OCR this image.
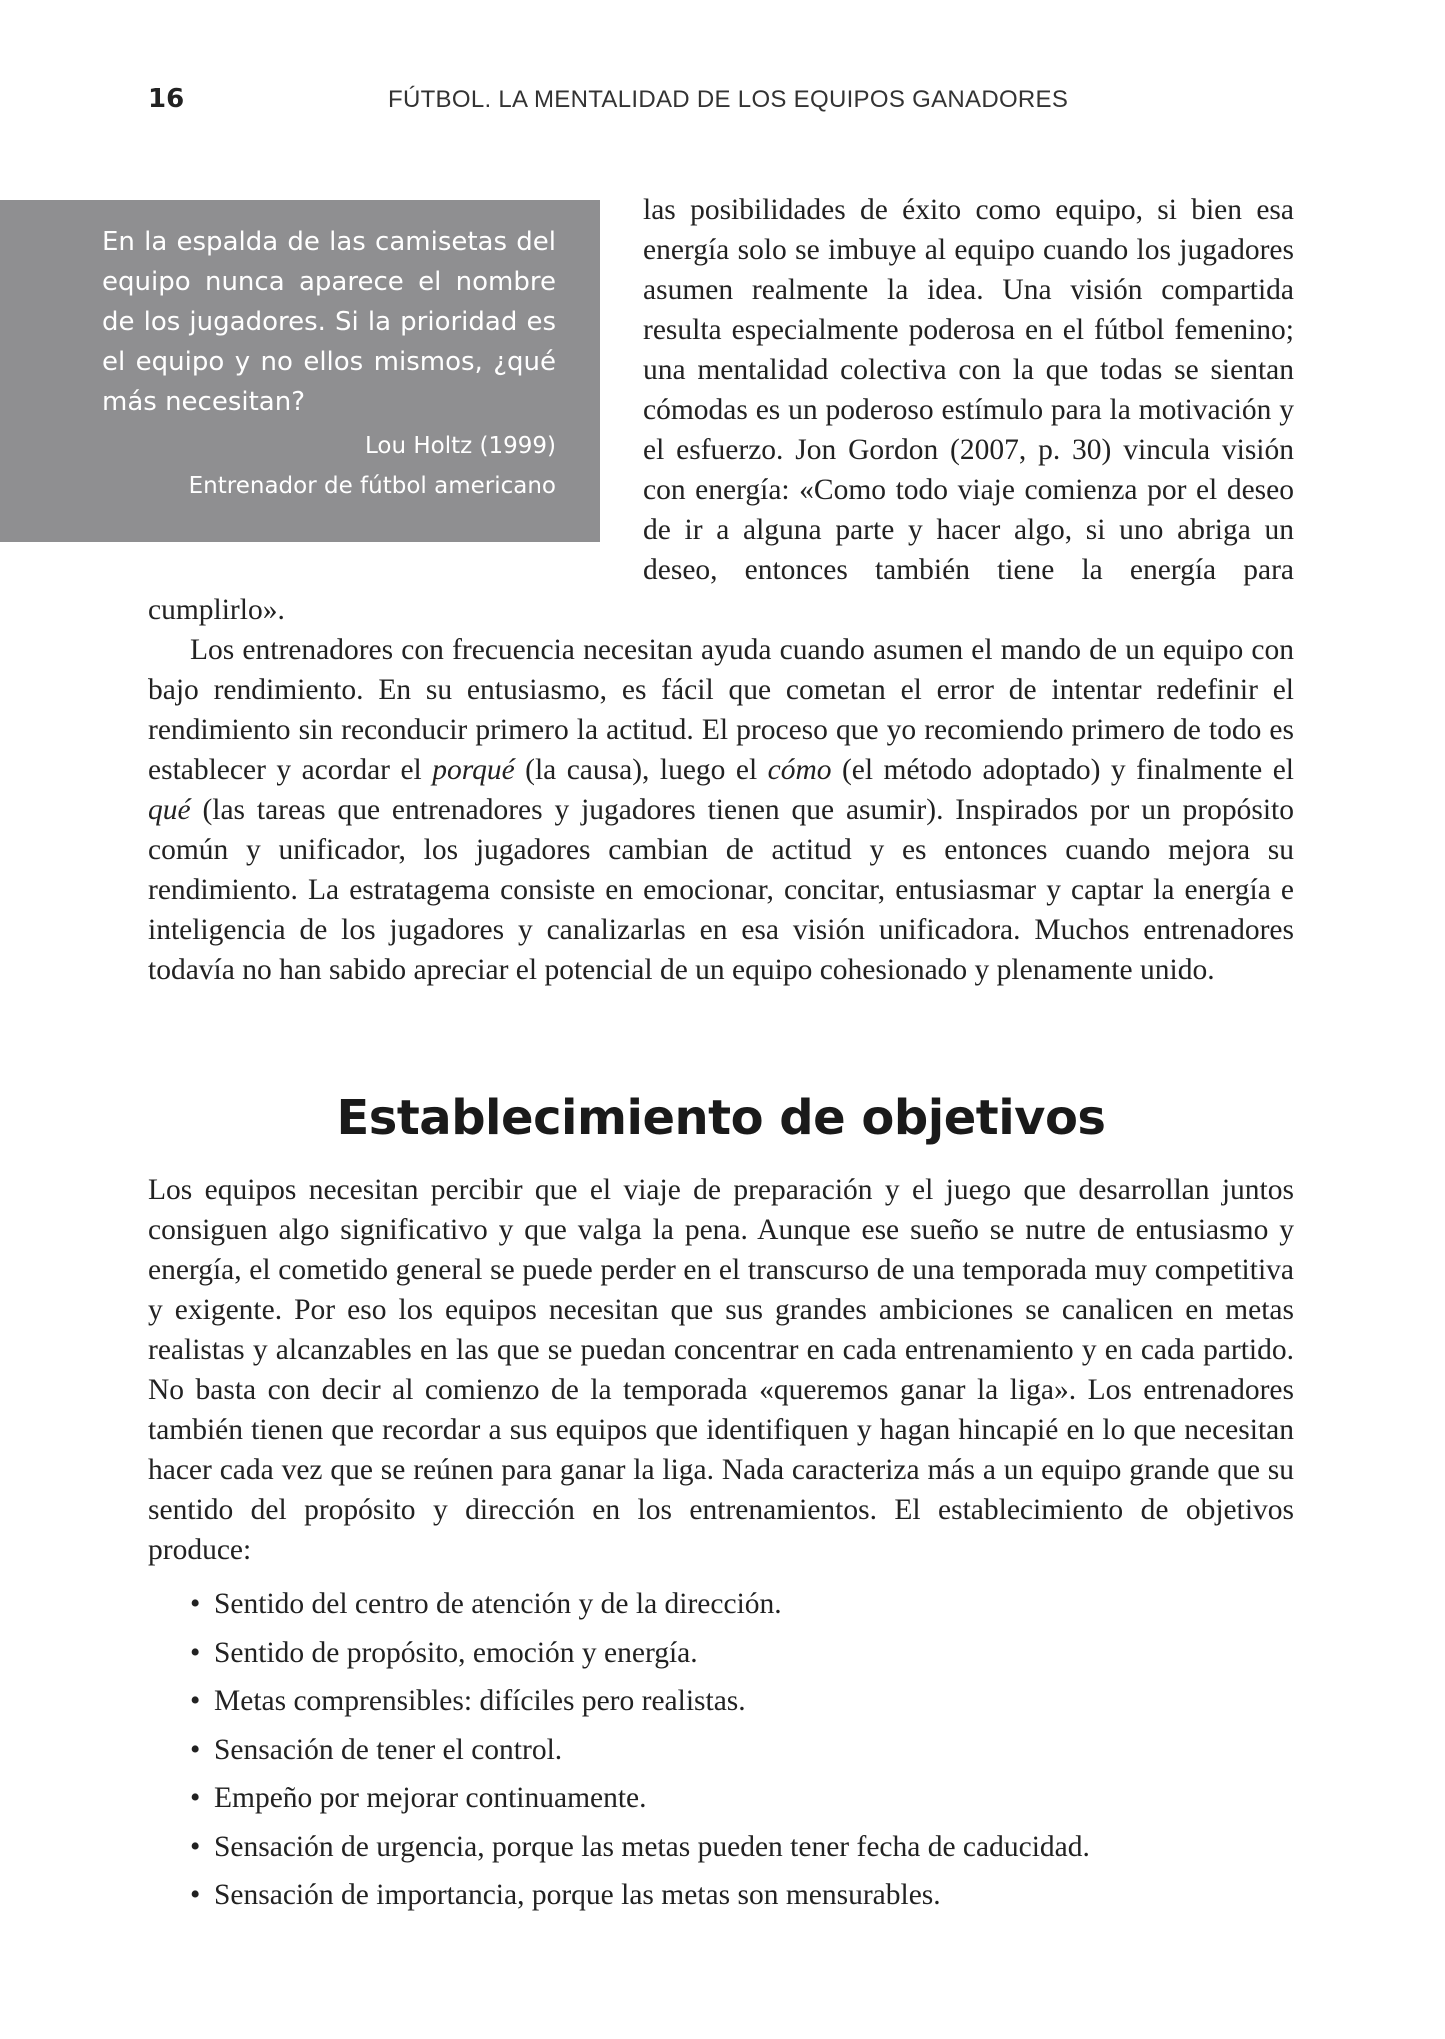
16	FÚTBOL. LA MENTALIDAD DE LOS EQUIPOS GANADORES

En la espalda de las camisetas del equipo nunca aparece el nombre de los jugadores. Si la prioridad es el equipo y no ellos mismos, ¿qué más necesitan?

Lou Holtz (1999)

Entrenador de fútbol americano

las posibilidades de éxito como equipo, si bien esa energía solo se imbuye al equipo cuando los jugadores asumen realmente la idea. Una visión compartida resulta especialmente poderosa en el fútbol femenino; una mentalidad colectiva con la que todas se sientan cómodas es un poderoso estímulo para la motivación y el esfuerzo. Jon Gordon (2007, p. 30) vincula visión con energía: «Como todo viaje comienza por el deseo de ir a alguna parte y hacer algo, si uno abriga un deseo, entonces también tiene la energía para cumplirlo».

Los entrenadores con frecuencia necesitan ayuda cuando asumen el mando de un equipo con bajo rendimiento. En su entusiasmo, es fácil que cometan el error de intentar redefinir el rendimiento sin reconducir primero la actitud. El proceso que yo recomiendo primero de todo es establecer y acordar el porqué (la causa), luego el cómo (el método adoptado) y finalmente el qué (las tareas que entrenadores y jugadores tienen que asumir). Inspirados por un propósito común y unificador, los jugadores cambian de actitud y es entonces cuando mejora su rendimiento. La estratagema consiste en emocionar, concitar, entusiasmar y captar la energía e inteligencia de los jugadores y canalizarlas en esa visión unificadora. Muchos entrenadores todavía no han sabido apreciar el potencial de un equipo cohesionado y plenamente unido.

Establecimiento de objetivos

Los equipos necesitan percibir que el viaje de preparación y el juego que desarrollan juntos consiguen algo significativo y que valga la pena. Aunque ese sueño se nutre de entusiasmo y energía, el cometido general se puede perder en el transcurso de una temporada muy competitiva y exigente. Por eso los equipos necesitan que sus grandes ambiciones se canalicen en metas realistas y alcanzables en las que se puedan concentrar en cada entrenamiento y en cada partido. No basta con decir al comienzo de la temporada «queremos ganar la liga». Los entrenadores también tienen que recordar a sus equipos que identifiquen y hagan hincapié en lo que necesitan hacer cada vez que se reúnen para ganar la liga. Nada caracteriza más a un equipo grande que su sentido del propósito y dirección en los entrenamientos. El establecimiento de objetivos produce:

• Sentido del centro de atención y de la dirección.
• Sentido de propósito, emoción y energía.
• Metas comprensibles: difíciles pero realistas.
• Sensación de tener el control.
• Empeño por mejorar continuamente.
• Sensación de urgencia, porque las metas pueden tener fecha de caducidad.
• Sensación de importancia, porque las metas son mensurables.
